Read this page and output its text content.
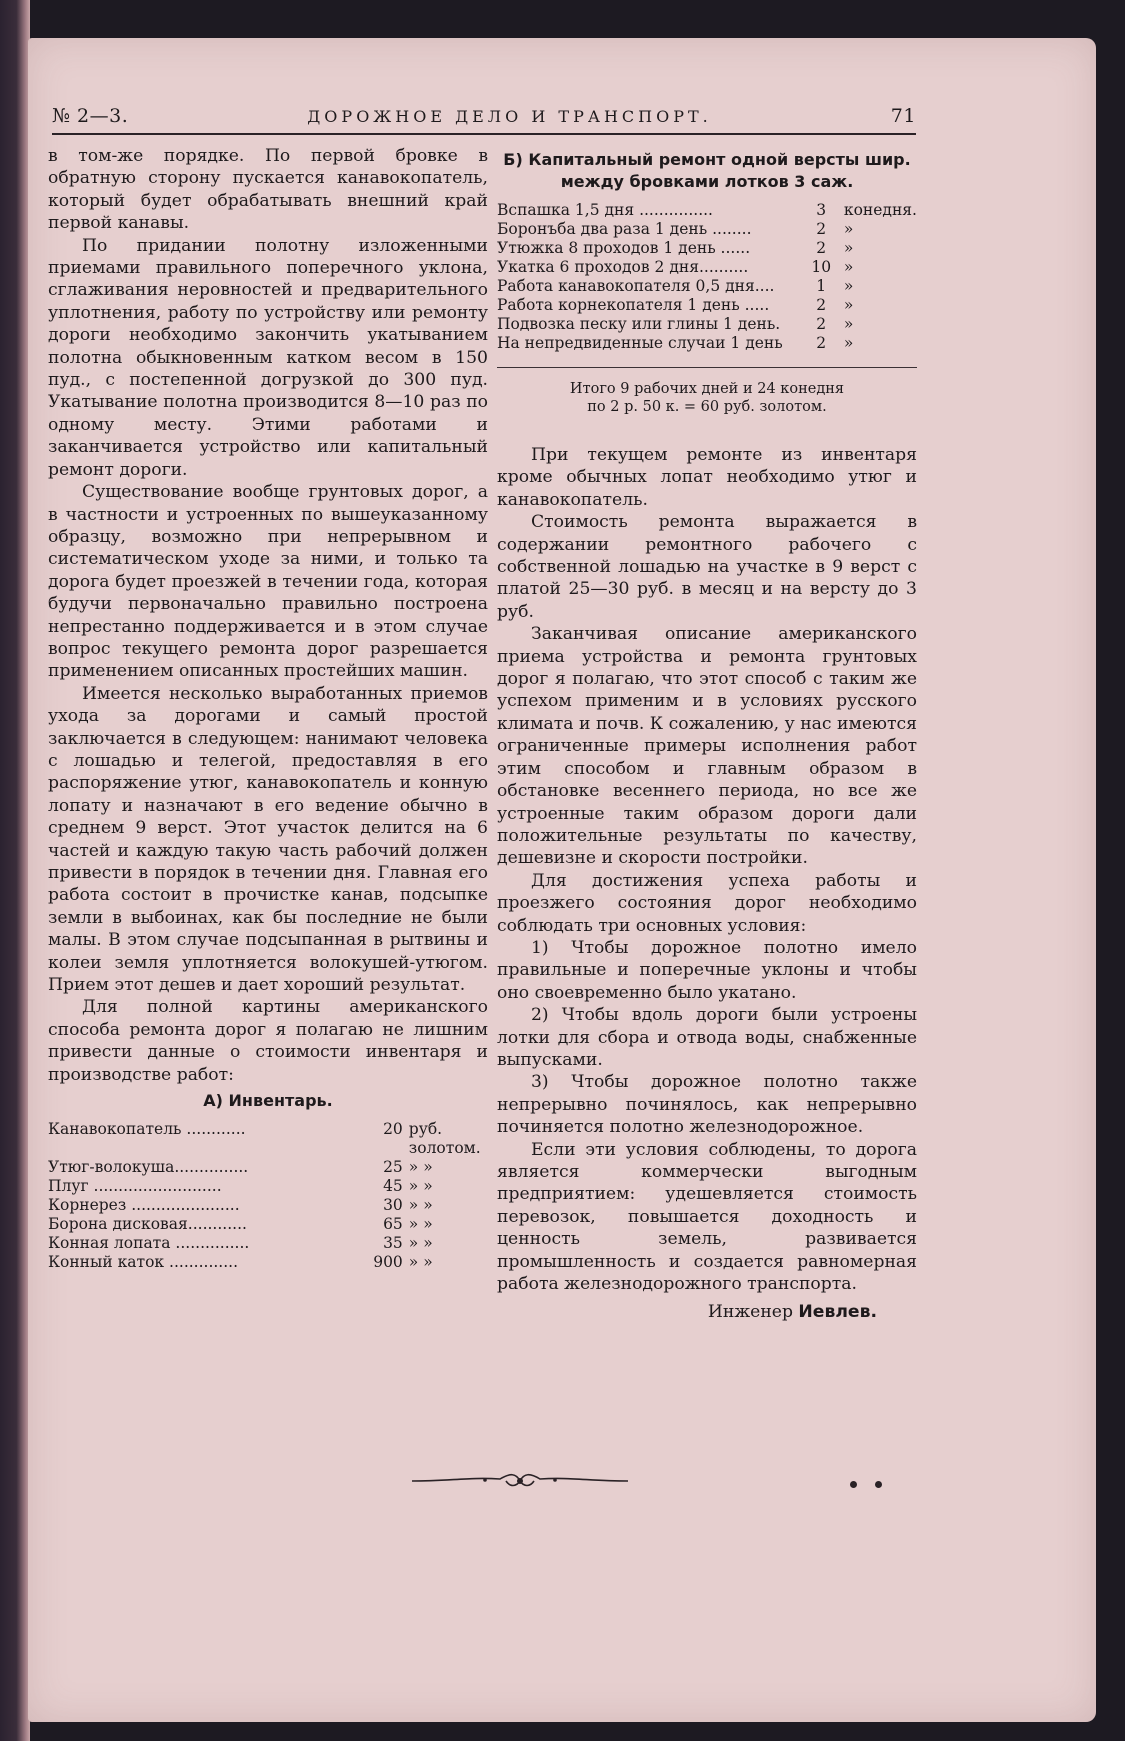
№ 2—3.	ДОРОЖНОЕ ДЕЛО И ТРАНСПОРТ.	71

в том-же порядке. По первой бровке в обратную сторону пускается канавокопатель, который будет обрабатывать внешний край первой канавы.

По придании полотну изложенными приемами правильного поперечного уклона, сглаживания неровностей и предварительного уплотнения, работу по устройству или ремонту дороги необходимо закончить укатыванием полотна обыкновенным катком весом в 150 пуд., с постепенной догрузкой до 300 пуд. Укатывание полотна производится 8—10 раз по одному месту. Этими работами и заканчивается устройство или капитальный ремонт дороги.

Существование вообще грунтовых дорог, а в частности и устроенных по вышеуказанному образцу, возможно при непрерывном и систематическом уходе за ними, и только та дорога будет проезжей в течении года, которая будучи первоначально правильно построена непрестанно поддерживается и в этом случае вопрос текущего ремонта дорог разрешается применением описанных простейших машин.

Имеется несколько выработанных приемов ухода за дорогами и самый простой заключается в следующем: нанимают человека с лошадью и телегой, предоставляя в его распоряжение утюг, канавокопатель и конную лопату и назначают в его ведение обычно в среднем 9 верст. Этот участок делится на 6 частей и каждую такую часть рабочий должен привести в порядок в течении дня. Главная его работа состоит в прочистке канав, подсыпке земли в выбоинах, как бы последние не были малы. В этом случае подсыпанная в рытвины и колеи земля уплотняется волокушей-утюгом. Прием этот дешев и дает хороший результат.

Для полной картины американского способа ремонта дорог я полагаю не лишним привести данные о стоимости инвентаря и производстве работ:

А) Инвентарь.
Канавокопатель ............	20	руб. золотом.
Утюг-волокуша...............	25	» »
Плуг ..........................	45	» »
Корнерез ......................	30	» »
Борона дисковая............	65	» »
Конная лопата ...............	35	» »
Конный каток ..............	900	» »
Б) Капитальный ремонт одной версты шир. между бровками лотков 3 саж.
Вспашка 1,5 дня ...............	3	конедня.
Боронъба два раза 1 день ........	2	»
Утюжка 8 проходов 1 день ......	2	»
Укатка 6 проходов 2 дня..........	10	»
Работа канавокопателя 0,5 дня....	1	»
Работа корнекопателя 1 день .....	2	»
Подвозка песку или глины 1 день.	2	»
На непредвиденные случаи 1 день	2	»
Итого 9 рабочих дней и 24 конедня
по 2 р. 50 к. = 60 руб. золотом.

При текущем ремонте из инвентаря кроме обычных лопат необходимо утюг и канавокопатель.

Стоимость ремонта выражается в содержании ремонтного рабочего с собственной лошадью на участке в 9 верст с платой 25—30 руб. в месяц и на версту до 3 руб.

Заканчивая описание американского приема устройства и ремонта грунтовых дорог я полагаю, что этот способ с таким же успехом применим и в условиях русского климата и почв. К сожалению, у нас имеются ограниченные примеры исполнения работ этим способом и главным образом в обстановке весеннего периода, но все же устроенные таким образом дороги дали положительные результаты по качеству, дешевизне и скорости постройки.

Для достижения успеха работы и проезжего состояния дорог необходимо соблюдать три основных условия:

1) Чтобы дорожное полотно имело правильные и поперечные уклоны и чтобы оно своевременно было укатано.

2) Чтобы вдоль дороги были устроены лотки для сбора и отвода воды, снабженные выпусками.

3) Чтобы дорожное полотно также непрерывно починялось, как непрерывно починяется полотно железнодорожное.

Если эти условия соблюдены, то дорога является коммерчески выгодным предприятием: удешевляется стоимость перевозок, повышается доходность и ценность земель, развивается промышленность и создается равномерная работа железнодорожного транспорта.

Инженер Иевлев.
